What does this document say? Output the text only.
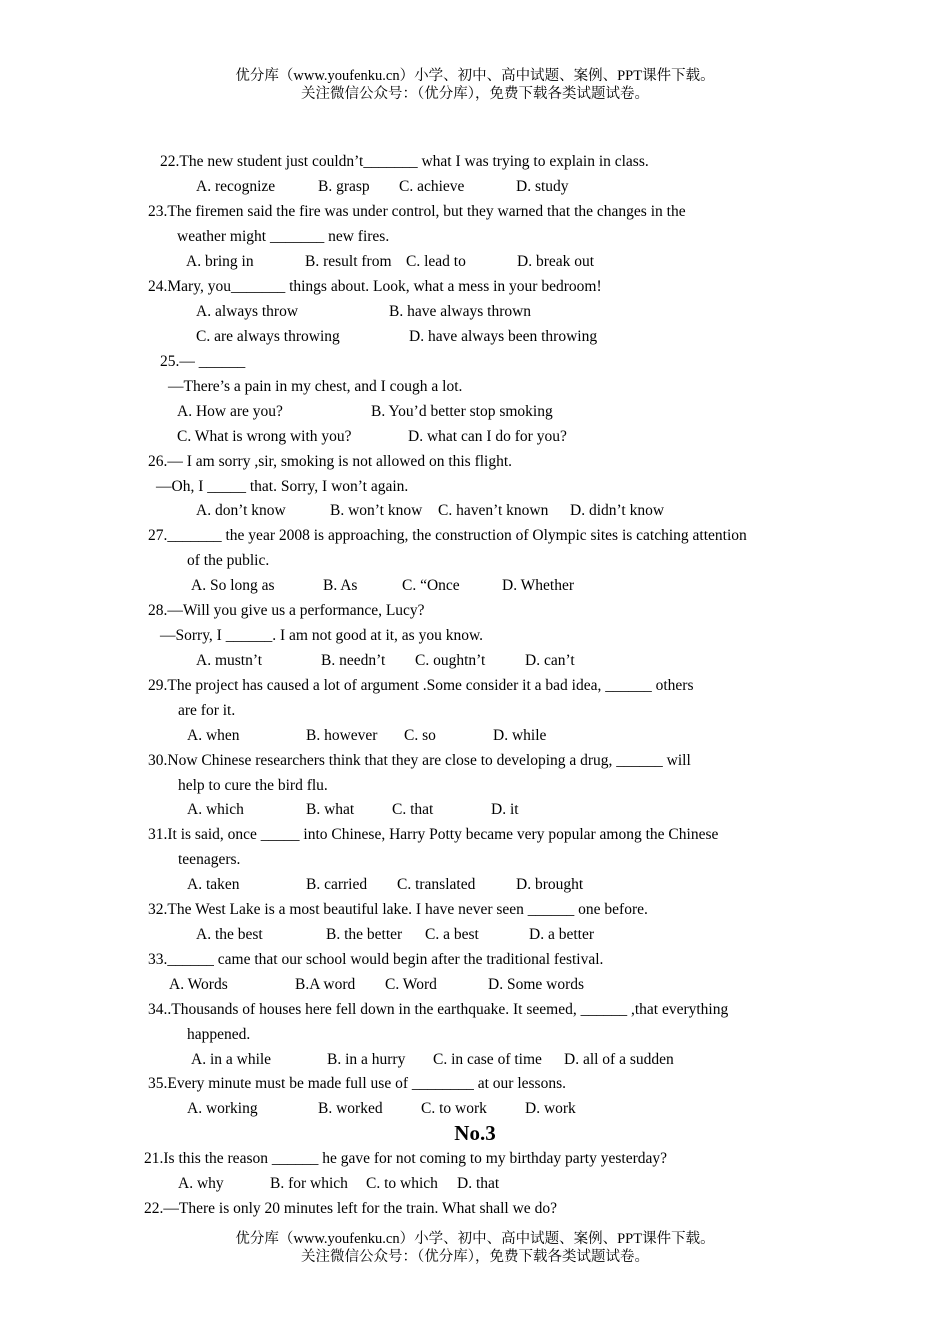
优分库（www.youfenku.cn）小学、初中、高中试题、案例、PPT课件下载。
关注微信公众号：（优分库），免费下载各类试题试卷。
22.The new student just couldn’t_______ what I was trying to explain in class.
A. recognize	B. grasp C. achieve	D. study
23.The firemen said the fire was under control, but they warned that the changes in the
weather might _______ new fires.
A. bring in	B. result from C. lead to	D. break out
24.Mary, you_______ things about. Look, what a mess in your bedroom!
A. always throw	B. have always thrown
C. are always throwing	D. have always been throwing
25.— ______
—There’s a pain in my chest, and I cough a lot.
A. How are you?	B. You’d better stop smoking
C. What is wrong with you?	D. what can I do for you?
26.— I am sorry ,sir, smoking is not allowed on this flight.
—Oh, I _____ that. Sorry, I won’t again.
A. don’t know	B. won’t know C. haven’t known D. didn’t know
27._______ the year 2008 is approaching, the construction of Olympic sites is catching attention
of the public.
A. So long as	B. As	C. “Once	D. Whether
28.—Will you give us a performance, Lucy?
—Sorry, I ______. I am not good at it, as you know.
A. mustn’t	B. needn’t C. oughtn’t	D. can’t
29.The project has caused a lot of argument .Some consider it a bad idea, ______ others
are for it.
A. when	B. however C. so	D. while
30.Now Chinese researchers think that they are close to developing a drug, ______ will
help to cure the bird flu.
A. which	B. what C. that	D. it
31.It is said, once _____ into Chinese, Harry Potty became very popular among the Chinese
teenagers.
A. taken	B. carried C. translated	D. brought
32.The West Lake is a most beautiful lake. I have never seen ______ one before.
A. the best	B. the better C. a best	D. a better
33.______ came that our school would begin after the traditional festival.
A. Words	B.A word C. Word	D. Some words
34..Thousands of houses here fell down in the earthquake. It seemed, ______ ,that everything
happened.
A. in a while	B. in a hurry C. in case of time D. all of a sudden
35.Every minute must be made full use of ________ at our lessons.
A. working	B. worked C. to work D. work
No.3
21.Is this the reason ______ he gave for not coming to my birthday party yesterday?
A. why	B. for which C. to which D. that
22.—There is only 20 minutes left for the train. What shall we do?
优分库（www.youfenku.cn）小学、初中、高中试题、案例、PPT课件下载。
关注微信公众号：（优分库），免费下载各类试题试卷。
